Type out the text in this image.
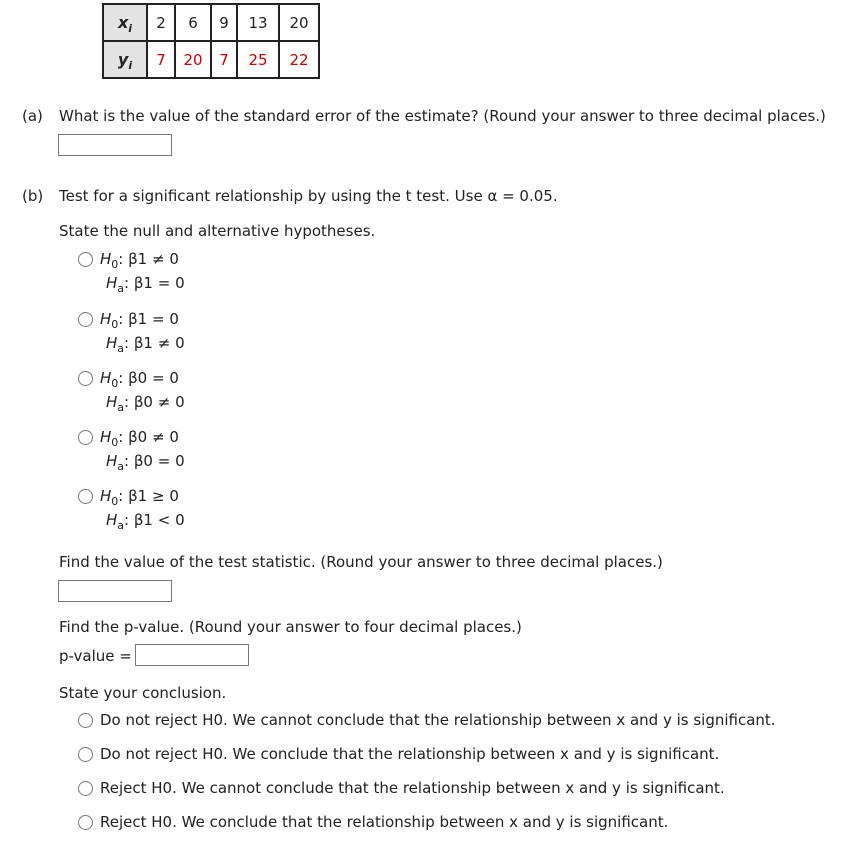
$x_i$	2	6	9	13	20
$y_i$	7	20	7	25	22
(a) What is the value of the standard error of the estimate? (Round your answer to three decimal places.)
(b) Test for a significant relationship by using the t test. Use α = 0.05.
State the null and alternative hypotheses.
$H_0$: β1 ≠ 0
$H_a$: β1 = 0
$H_0$: β1 = 0
$H_a$: β1 ≠ 0
$H_0$: β0 = 0
$H_a$: β0 ≠ 0
$H_0$: β0 ≠ 0
$H_a$: β0 = 0
$H_0$: β1 ≥ 0
$H_a$: β1 < 0
Find the value of the test statistic. (Round your answer to three decimal places.)
Find the p-value. (Round your answer to four decimal places.)
p-value =
State your conclusion.
Do not reject H0. We cannot conclude that the relationship between x and y is significant.
Do not reject H0. We conclude that the relationship between x and y is significant.
Reject H0. We cannot conclude that the relationship between x and y is significant.
Reject H0. We conclude that the relationship between x and y is significant.
